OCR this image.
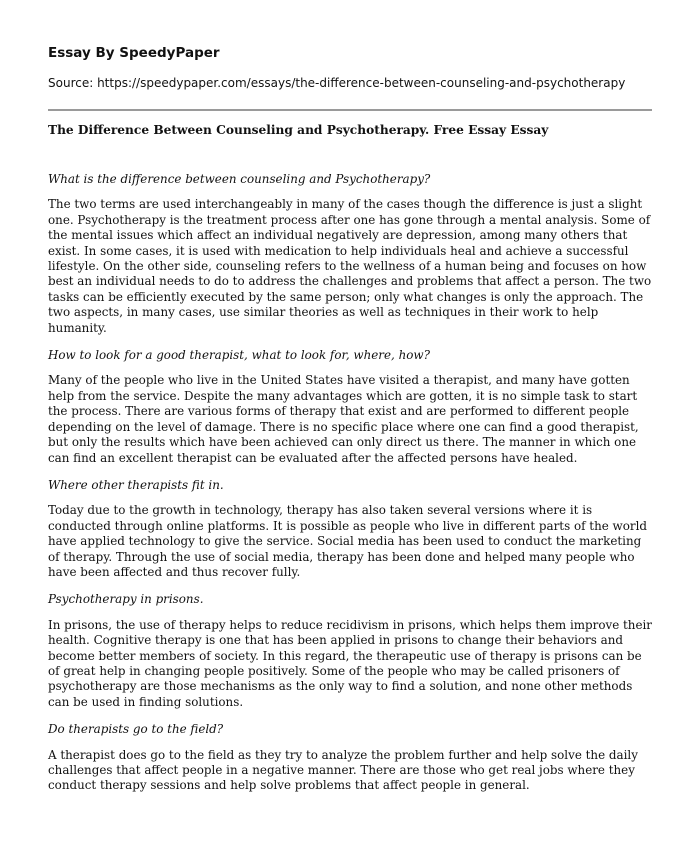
Essay By SpeedyPaper
Source: https://speedypaper.com/essays/the-difference-between-counseling-and-psychotherapy
The Difference Between Counseling and Psychotherapy. Free Essay Essay

What is the difference between counseling and Psychotherapy?

The two terms are used interchangeably in many of the cases though the difference is just a slight one. Psychotherapy is the treatment process after one has gone through a mental analysis. Some of the mental issues which affect an individual negatively are depression, among many others that exist. In some cases, it is used with medication to help individuals heal and achieve a successful lifestyle. On the other side, counseling refers to the wellness of a human being and focuses on how best an individual needs to do to address the challenges and problems that affect a person. The two tasks can be efficiently executed by the same person; only what changes is only the approach. The two aspects, in many cases, use similar theories as well as techniques in their work to help humanity.

How to look for a good therapist, what to look for, where, how?

Many of the people who live in the United States have visited a therapist, and many have gotten help from the service. Despite the many advantages which are gotten, it is no simple task to start the process. There are various forms of therapy that exist and are performed to different people depending on the level of damage. There is no specific place where one can find a good therapist, but only the results which have been achieved can only direct us there. The manner in which one can find an excellent therapist can be evaluated after the affected persons have healed.

Where other therapists fit in.

Today due to the growth in technology, therapy has also taken several versions where it is conducted through online platforms. It is possible as people who live in different parts of the world have applied technology to give the service. Social media has been used to conduct the marketing of therapy. Through the use of social media, therapy has been done and helped many people who have been affected and thus recover fully.

Psychotherapy in prisons.

In prisons, the use of therapy helps to reduce recidivism in prisons, which helps them improve their health. Cognitive therapy is one that has been applied in prisons to change their behaviors and become better members of society. In this regard, the therapeutic use of therapy is prisons can be of great help in changing people positively. Some of the people who may be called prisoners of psychotherapy are those mechanisms as the only way to find a solution, and none other methods can be used in finding solutions.

Do therapists go to the field?

A therapist does go to the field as they try to analyze the problem further and help solve the daily challenges that affect people in a negative manner. There are those who get real jobs where they conduct therapy sessions and help solve problems that affect people in general.
